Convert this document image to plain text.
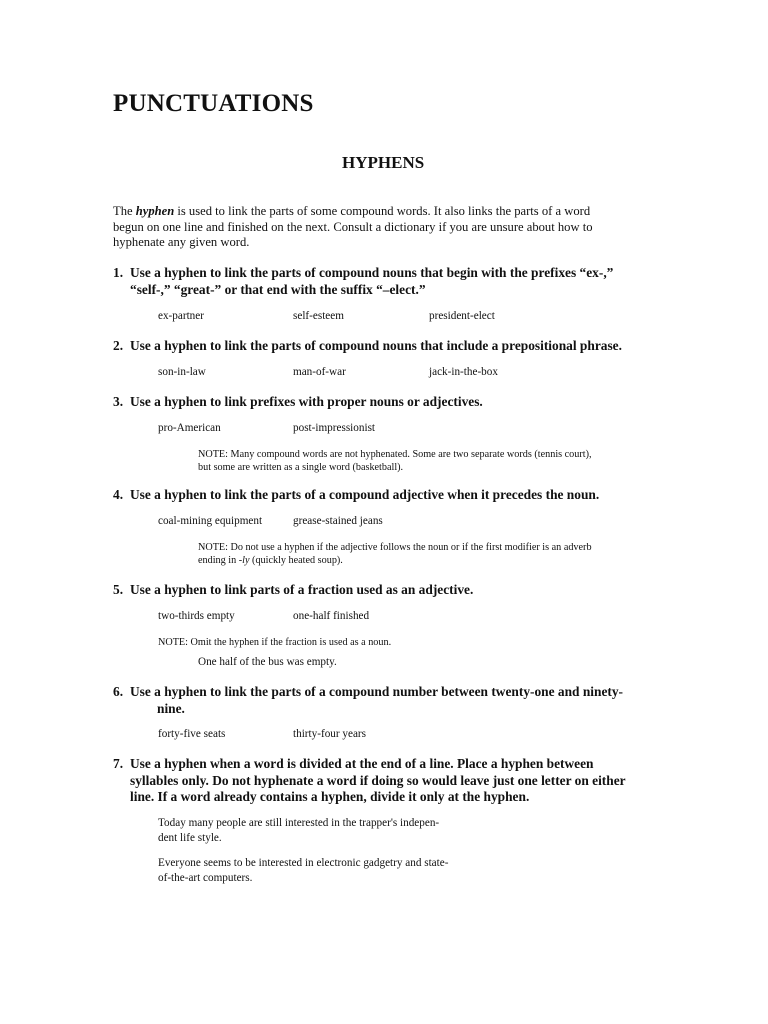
PUNCTUATIONS
HYPHENS
The hyphen is used to link the parts of some compound words. It also links the parts of a word
begun on one line and finished on the next. Consult a dictionary if you are unsure about how to
hyphenate any given word.
1. Use a hyphen to link the parts of compound nouns that begin with the prefixes “ex-,”
“self-,” “great-” or that end with the suffix “–elect.”
ex-partner	self-esteem	president-elect
2. Use a hyphen to link the parts of compound nouns that include a prepositional phrase.
son-in-law	man-of-war	jack-in-the-box
3. Use a hyphen to link prefixes with proper nouns or adjectives.
pro-American	post-impressionist
NOTE: Many compound words are not hyphenated. Some are two separate words (tennis court),
but some are written as a single word (basketball).
4. Use a hyphen to link the parts of a compound adjective when it precedes the noun.
coal-mining equipment	grease-stained jeans
NOTE: Do not use a hyphen if the adjective follows the noun or if the first modifier is an adverb
ending in -ly (quickly heated soup).
5. Use a hyphen to link parts of a fraction used as an adjective.
two-thirds empty	one-half finished
NOTE: Omit the hyphen if the fraction is used as a noun.
One half of the bus was empty.
6. Use a hyphen to link the parts of a compound number between twenty-one and ninety-
nine.
forty-five seats	thirty-four years
7. Use a hyphen when a word is divided at the end of a line. Place a hyphen between
syllables only. Do not hyphenate a word if doing so would leave just one letter on either
line. If a word already contains a hyphen, divide it only at the hyphen.
Today many people are still interested in the trapper's indepen-
dent life style.
Everyone seems to be interested in electronic gadgetry and state-
of-the-art computers.
